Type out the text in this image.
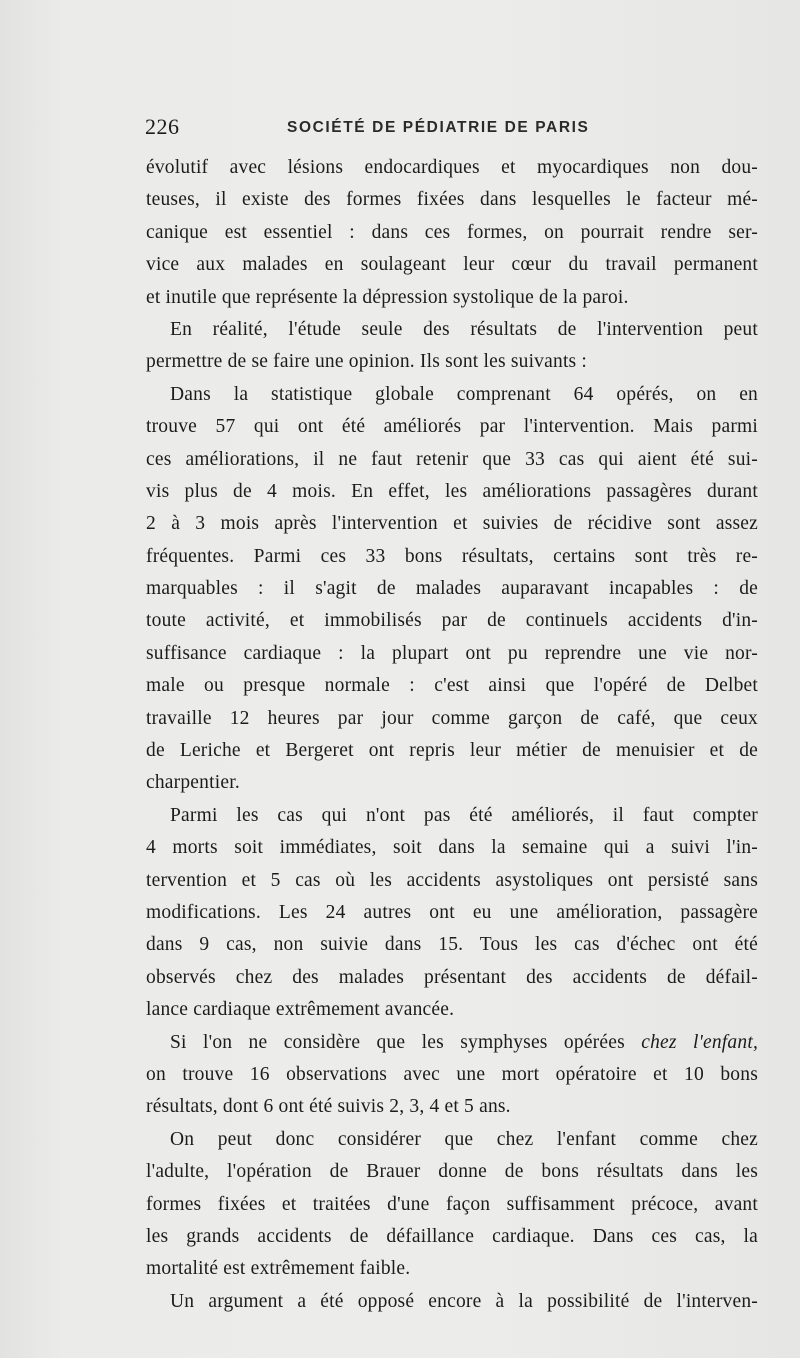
226	SOCIÉTÉ DE PÉDIATRIE DE PARIS
évolutif avec lésions endocardiques et myocardiques non dou-
teuses, il existe des formes fixées dans lesquelles le facteur mé-
canique est essentiel : dans ces formes, on pourrait rendre ser-
vice aux malades en soulageant leur cœur du travail permanent
et inutile que représente la dépression systolique de la paroi.
En réalité, l'étude seule des résultats de l'intervention peut
permettre de se faire une opinion. Ils sont les suivants :
Dans la statistique globale comprenant 64 opérés, on en
trouve 57 qui ont été améliorés par l'intervention. Mais parmi
ces améliorations, il ne faut retenir que 33 cas qui aient été sui-
vis plus de 4 mois. En effet, les améliorations passagères durant
2 à 3 mois après l'intervention et suivies de récidive sont assez
fréquentes. Parmi ces 33 bons résultats, certains sont très re-
marquables : il s'agit de malades auparavant incapables : de
toute activité, et immobilisés par de continuels accidents d'in-
suffisance cardiaque : la plupart ont pu reprendre une vie nor-
male ou presque normale : c'est ainsi que l'opéré de Delbet
travaille 12 heures par jour comme garçon de café, que ceux
de Leriche et Bergeret ont repris leur métier de menuisier et de
charpentier.
Parmi les cas qui n'ont pas été améliorés, il faut compter
4 morts soit immédiates, soit dans la semaine qui a suivi l'in-
tervention et 5 cas où les accidents asystoliques ont persisté sans
modifications. Les 24 autres ont eu une amélioration, passagère
dans 9 cas, non suivie dans 15. Tous les cas d'échec ont été
observés chez des malades présentant des accidents de défail-
lance cardiaque extrêmement avancée.
Si l'on ne considère que les symphyses opérées chez l'enfant,
on trouve 16 observations avec une mort opératoire et 10 bons
résultats, dont 6 ont été suivis 2, 3, 4 et 5 ans.
On peut donc considérer que chez l'enfant comme chez
l'adulte, l'opération de Brauer donne de bons résultats dans les
formes fixées et traitées d'une façon suffisamment précoce, avant
les grands accidents de défaillance cardiaque. Dans ces cas, la
mortalité est extrêmement faible.
Un argument a été opposé encore à la possibilité de l'interven-
